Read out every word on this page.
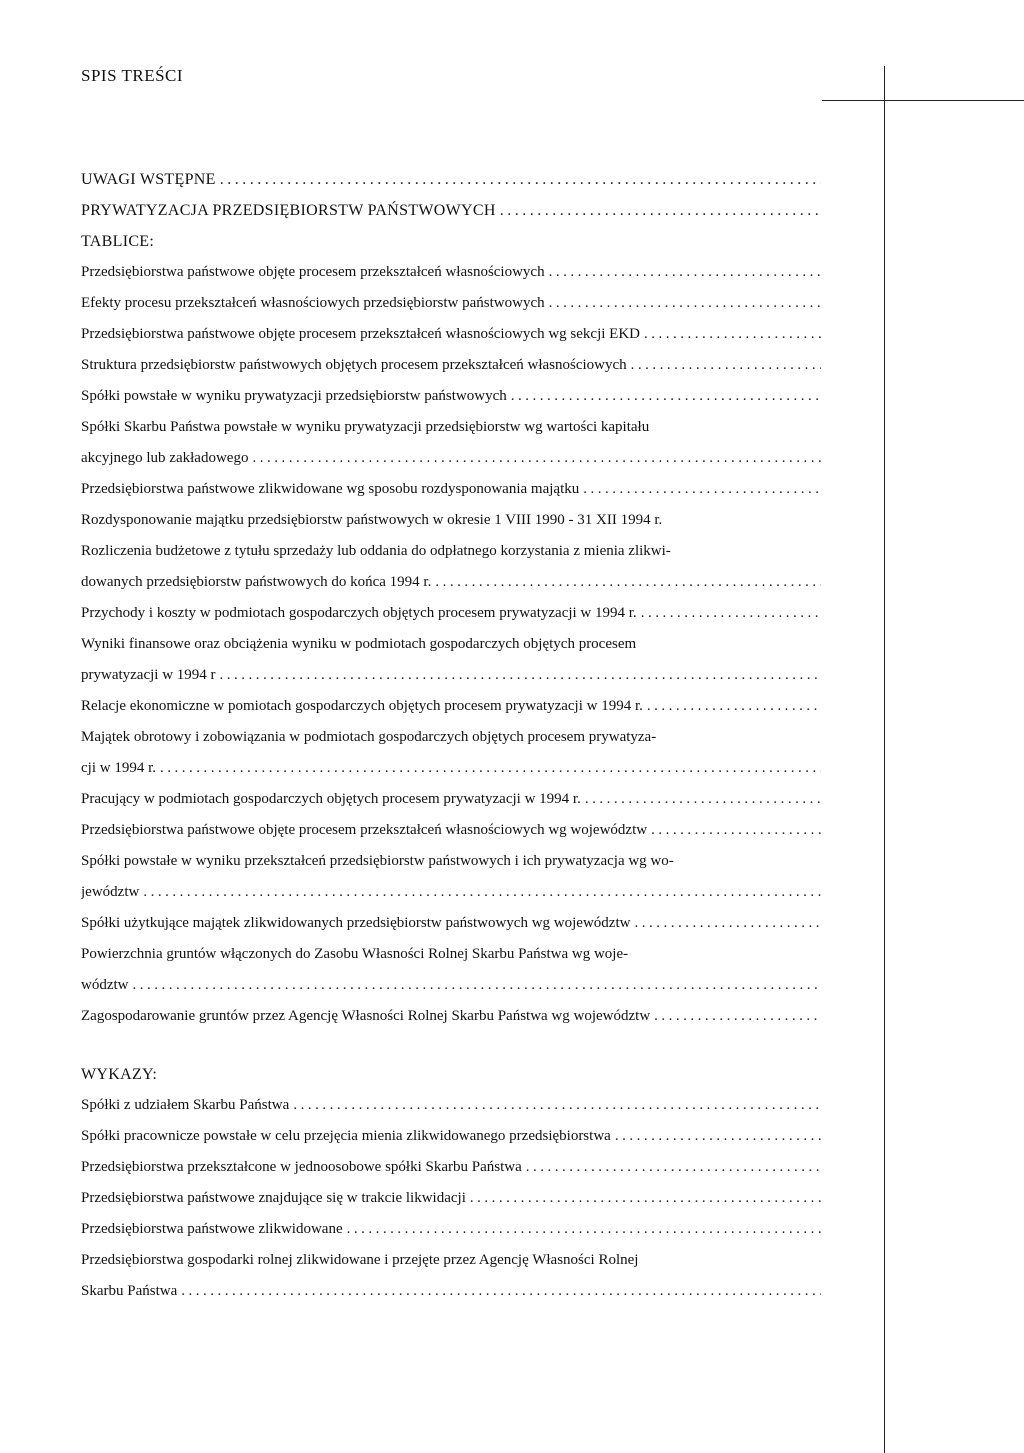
SPIS TREŚCI
UWAGI WSTĘPNE
.....
PRYWATYZACJA PRZEDSIĘBIORSTW PAŃSTWOWYCH
.....
TABLICE:
Przedsiębiorstwa państwowe objęte procesem przekształceń własnościowych
.....
Efekty procesu przekształceń własnościowych przedsiębiorstw państwowych
.....
Przedsiębiorstwa państwowe objęte procesem przekształceń własnościowych wg sekcji EKD
.....
Struktura przedsiębiorstw państwowych objętych procesem przekształceń własnościowych
.....
Spółki powstałe w wyniku prywatyzacji przedsiębiorstw państwowych
.....
Spółki Skarbu Państwa powstałe w wyniku prywatyzacji przedsiębiorstw wg wartości kapitału
akcyjnego lub zakładowego
.....
Przedsiębiorstwa państwowe zlikwidowane wg sposobu rozdysponowania majątku
.....
Rozdysponowanie majątku przedsiębiorstw państwowych w okresie 1 VIII 1990 - 31 XII 1994 r.
Rozliczenia budżetowe z tytułu sprzedaży lub oddania do odpłatnego korzystania z mienia zlikwi-
dowanych przedsiębiorstw państwowych do końca 1994 r.
.....
Przychody i koszty w podmiotach gospodarczych objętych procesem prywatyzacji w 1994 r.
.....
Wyniki finansowe oraz obciążenia wyniku w podmiotach gospodarczych objętych procesem
prywatyzacji w 1994 r
.....
Relacje ekonomiczne w pomiotach gospodarczych objętych procesem prywatyzacji w 1994 r.
.....
Majątek obrotowy i zobowiązania w podmiotach gospodarczych objętych procesem prywatyza-
cji w 1994 r.
.....
Pracujący w podmiotach gospodarczych objętych procesem prywatyzacji w 1994 r.
.....
Przedsiębiorstwa państwowe objęte procesem przekształceń własnościowych wg województw
.....
Spółki powstałe w wyniku przekształceń przedsiębiorstw państwowych i ich prywatyzacja wg wo-
jewództw
.....
Spółki użytkujące majątek zlikwidowanych przedsiębiorstw państwowych wg województw
.....
Powierzchnia gruntów włączonych do Zasobu Własności Rolnej Skarbu Państwa wg woje-
wództw
.....
Zagospodarowanie gruntów przez Agencję Własności Rolnej Skarbu Państwa wg województw
.....
WYKAZY:
Spółki z udziałem Skarbu Państwa
.....
Spółki pracownicze powstałe w celu przejęcia mienia zlikwidowanego przedsiębiorstwa
.....
Przedsiębiorstwa przekształcone w jednoosobowe spółki Skarbu Państwa
.....
Przedsiębiorstwa państwowe znajdujące się w trakcie likwidacji
.....
Przedsiębiorstwa państwowe zlikwidowane
.....
Przedsiębiorstwa gospodarki rolnej zlikwidowane i przejęte przez Agencję Własności Rolnej
Skarbu Państwa
.....
